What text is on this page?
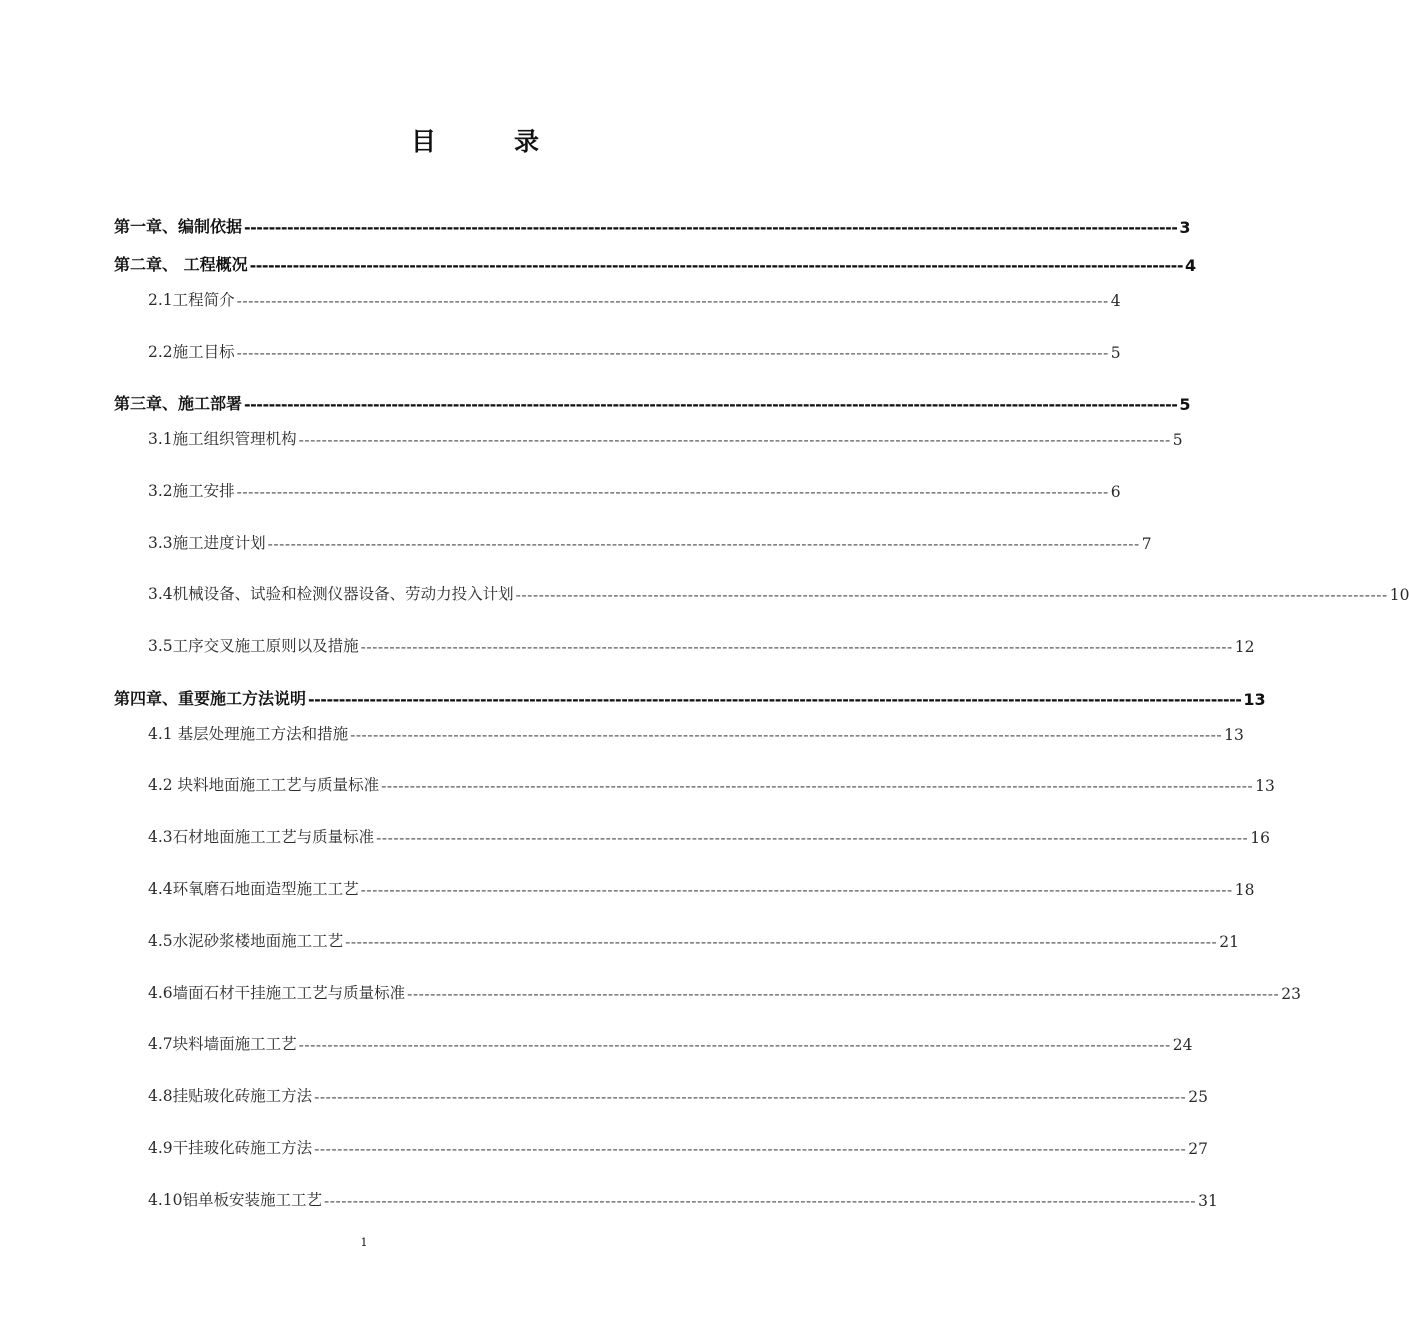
目	录
第一章、编制依据 -------------------------------------------------------------------------------------------------------------------------------------------------------- 3
第二章、 工程概况 -------------------------------------------------------------------------------------------------------------------------------------------------------- 4
2.1工程简介 -------------------------------------------------------------------------------------------------------------------------------------------------------- 4
2.2施工目标 -------------------------------------------------------------------------------------------------------------------------------------------------------- 5
第三章、施工部署 -------------------------------------------------------------------------------------------------------------------------------------------------------- 5
3.1施工组织管理机构 -------------------------------------------------------------------------------------------------------------------------------------------------------- 5
3.2施工安排 -------------------------------------------------------------------------------------------------------------------------------------------------------- 6
3.3施工进度计划 -------------------------------------------------------------------------------------------------------------------------------------------------------- 7
3.4机械设备、试验和检测仪器设备、劳动力投入计划 -------------------------------------------------------------------------------------------------------------------------------------------------------- 10
3.5工序交叉施工原则以及措施 -------------------------------------------------------------------------------------------------------------------------------------------------------- 12
第四章、重要施工方法说明 -------------------------------------------------------------------------------------------------------------------------------------------------------- 13
4.1 基层处理施工方法和措施 -------------------------------------------------------------------------------------------------------------------------------------------------------- 13
4.2 块料地面施工工艺与质量标准 -------------------------------------------------------------------------------------------------------------------------------------------------------- 13
4.3石材地面施工工艺与质量标准 -------------------------------------------------------------------------------------------------------------------------------------------------------- 16
4.4环氧磨石地面造型施工工艺 -------------------------------------------------------------------------------------------------------------------------------------------------------- 18
4.5水泥砂浆楼地面施工工艺 -------------------------------------------------------------------------------------------------------------------------------------------------------- 21
4.6墙面石材干挂施工工艺与质量标准 -------------------------------------------------------------------------------------------------------------------------------------------------------- 23
4.7块料墙面施工工艺 -------------------------------------------------------------------------------------------------------------------------------------------------------- 24
4.8挂贴玻化砖施工方法 -------------------------------------------------------------------------------------------------------------------------------------------------------- 25
4.9干挂玻化砖施工方法 -------------------------------------------------------------------------------------------------------------------------------------------------------- 27
4.10铝单板安装施工工艺 -------------------------------------------------------------------------------------------------------------------------------------------------------- 31
1
